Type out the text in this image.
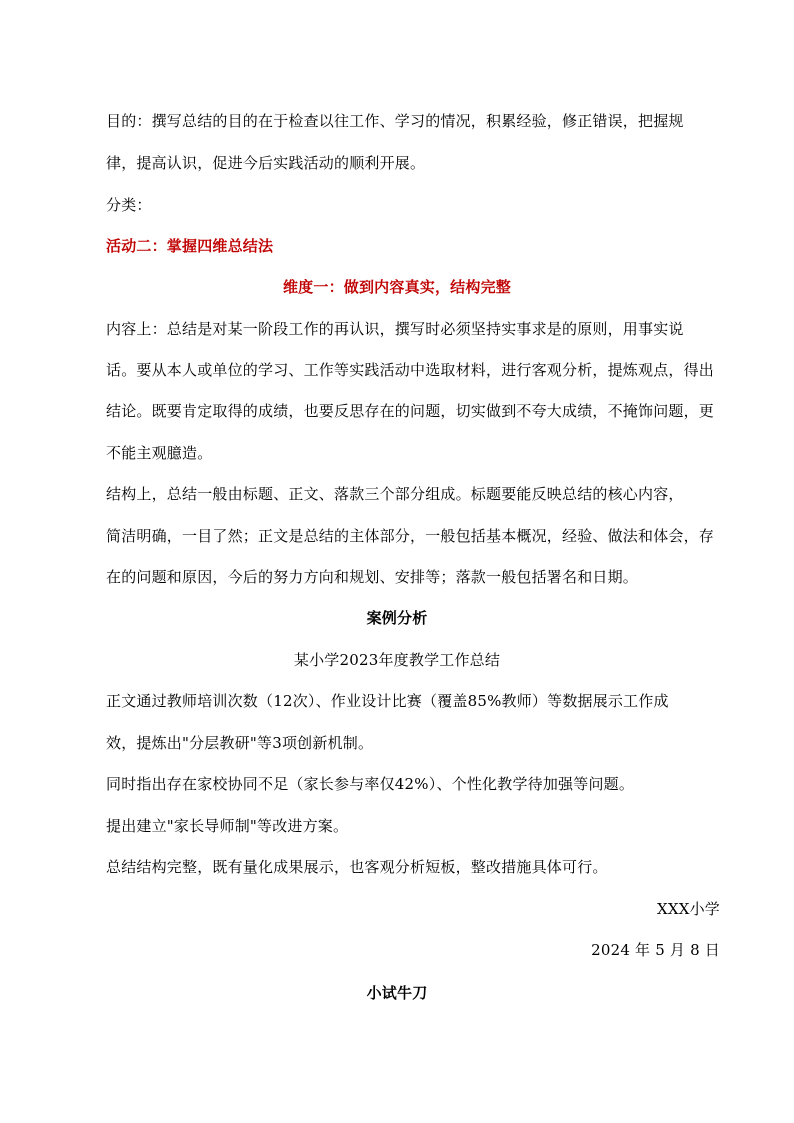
目的：撰写总结的目的在于检查以往工作、学习的情况，积累经验，修正错误，把握规
律，提高认识，促进今后实践活动的顺利开展。
分类：
活动二：掌握四维总结法
维度一：做到内容真实，结构完整
内容上：总结是对某一阶段工作的再认识，撰写时必须坚持实事求是的原则，用事实说
话。要从本人或单位的学习、工作等实践活动中选取材料，进行客观分析，提炼观点，得出
结论。既要肯定取得的成绩，也要反思存在的问题，切实做到不夸大成绩，不掩饰问题，更
不能主观臆造。
结构上，总结一般由标题、正文、落款三个部分组成。标题要能反映总结的核心内容，
简洁明确，一目了然；正文是总结的主体部分，一般包括基本概况，经验、做法和体会，存
在的问题和原因，今后的努力方向和规划、安排等；落款一般包括署名和日期。
案例分析
某小学2023年度教学工作总结
正文通过教师培训次数（12次）、作业设计比赛（覆盖85%教师）等数据展示工作成
效，提炼出"分层教研"等3项创新机制。
同时指出存在家校协同不足（家长参与率仅42%）、个性化教学待加强等问题。
提出建立"家长导师制"等改进方案。
总结结构完整，既有量化成果展示，也客观分析短板，整改措施具体可行。
XXX小学
2024 年 5 月 8 日
小试牛刀
